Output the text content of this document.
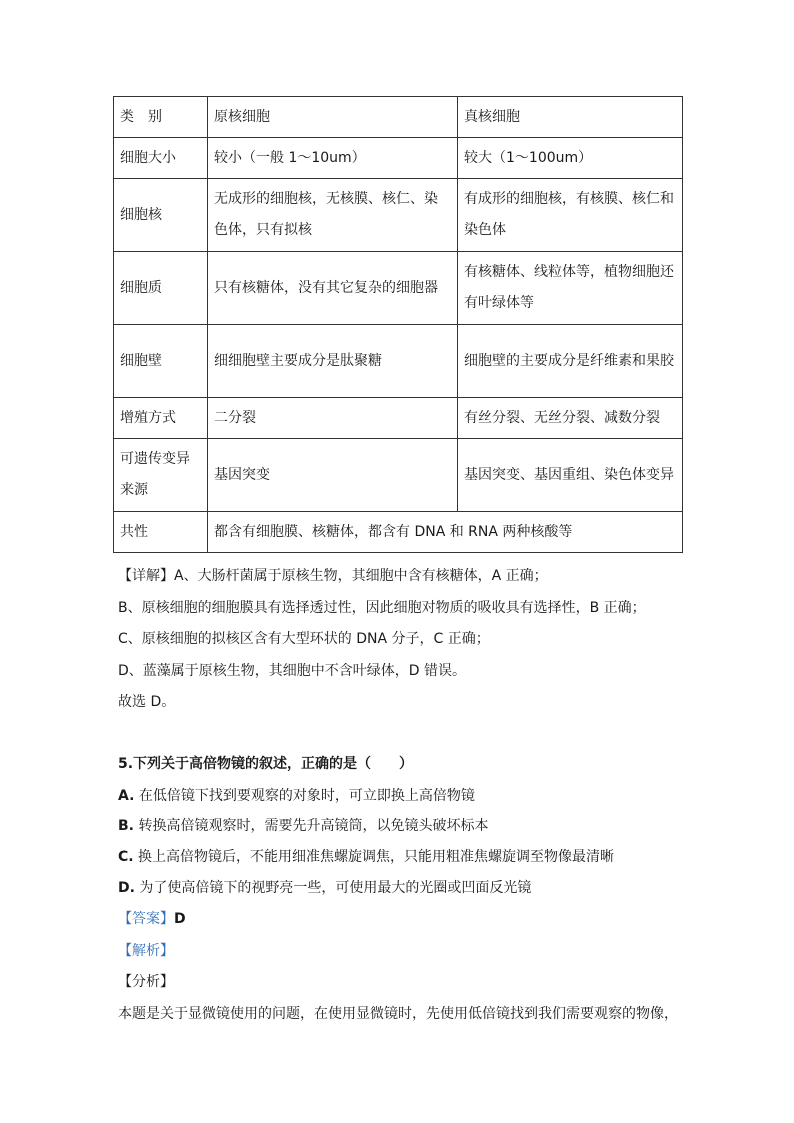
类　别	原核细胞	真核细胞
细胞大小	较小（一般 1～10um）	较大（1～100um）
细胞核	无成形的细胞核，无核膜、核仁、染色体，只有拟核	有成形的细胞核，有核膜、核仁和染色体
细胞质	只有核糖体，没有其它复杂的细胞器	有核糖体、线粒体等，植物细胞还有叶绿体等
细胞壁	细细胞壁主要成分是肽聚糖	细胞壁的主要成分是纤维素和果胶
增殖方式	二分裂	有丝分裂、无丝分裂、减数分裂
可遗传变异来源	基因突变	基因突变、基因重组、染色体变异
共性	都含有细胞膜、核糖体，都含有 DNA 和 RNA 两种核酸等	
【详解】A、大肠杆菌属于原核生物，其细胞中含有核糖体，A 正确；
B、原核细胞的细胞膜具有选择透过性，因此细胞对物质的吸收具有选择性，B 正确；
C、原核细胞的拟核区含有大型环状的 DNA 分子，C 正确；
D、蓝藻属于原核生物，其细胞中不含叶绿体，D 错误。
故选 D。
5.下列关于高倍物镜的叙述，正确的是（　　）
A. 在低倍镜下找到要观察的对象时，可立即换上高倍物镜
B. 转换高倍镜观察时，需要先升高镜筒，以免镜头破坏标本
C. 换上高倍物镜后，不能用细准焦螺旋调焦，只能用粗准焦螺旋调至物像最清晰
D. 为了使高倍镜下的视野亮一些，可使用最大的光圈或凹面反光镜
【答案】D
【解析】
【分析】
本题是关于显微镜使用的问题，在使用显微镜时，先使用低倍镜找到我们需要观察的物像，
